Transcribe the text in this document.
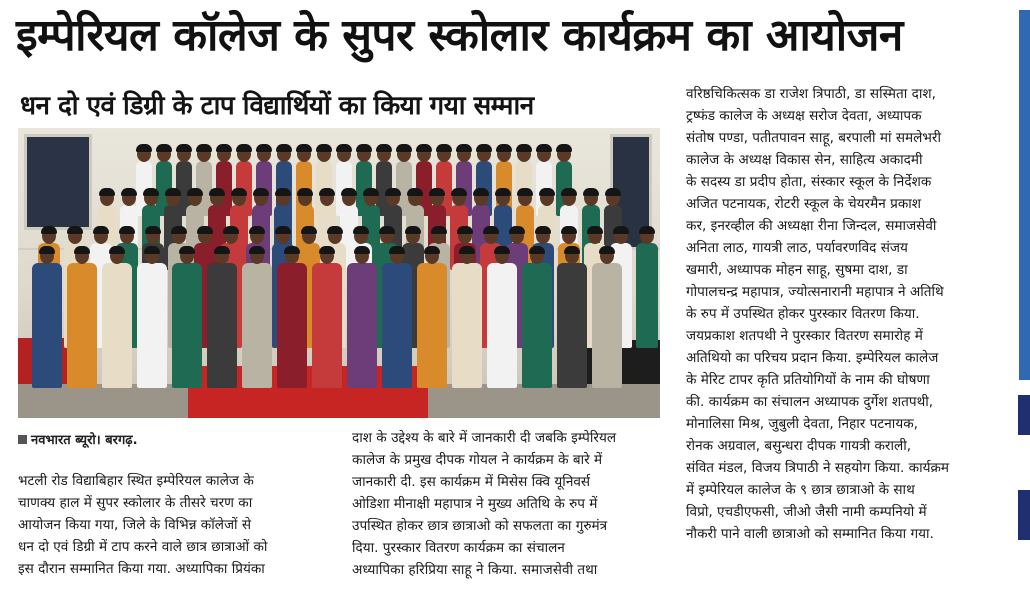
इम्पेरियल कॉलेज के सुपर स्कोलार कार्यक्रम का आयोजन
धन दो एवं डिग्री के टाप विद्यार्थियों का किया गया सम्मान
नवभारत ब्यूरो। बरगढ़.
भटली रोड विद्याबिहार स्थित इम्पेरियल कालेज के
चाणक्य हाल में सुपर स्कोलार के तीसरे चरण का
आयोजन किया गया, जिले के विभिन्न कॉलेजों से
धन दो एवं डिग्री में टाप करने वाले छात्र छात्राओं को
इस दौरान सम्मानित किया गया. अध्यापिका प्रियंका
दाश के उद्देश्य के बारे में जानकारी दी जबकि इम्पेरियल
कालेज के प्रमुख दीपक गोयल ने कार्यक्रम के बारे में
जानकारी दी. इस कार्यक्रम में मिसेस क्वि यूनिवर्स
ओडिशा मीनाक्षी महापात्र ने मुख्य अतिथि के रुप में
उपस्थित होकर छात्र छात्राओ को सफलता का गुरुमंत्र
दिया. पुरस्कार वितरण कार्यक्रम का संचालन
अध्यापिका हरिप्रिया साहू ने किया. समाजसेवी तथा
वरिष्ठचिकित्सक डा राजेश त्रिपाठी, डा सस्मिता दाश,
ट्रष्फंड कालेज के अध्यक्ष सरोज देवता, अध्यापक
संतोष पण्डा, पतीतपावन साहू, बरपाली मां समलेभरी
कालेज के अध्यक्ष विकास सेन, साहित्य अकादमी
के सदस्य डा प्रदीप होता, संस्कार स्कूल के निर्देशक
अजित पटनायक, रोटरी स्कूल के चेयरमैन प्रकाश
कर, इनरव्हील की अध्यक्षा रीना जिन्दल, समाजसेवी
अनिता लाठ, गायत्री लाठ, पर्यावरणविद संजय
खमारी, अध्यापक मोहन साहू, सुषमा दाश, डा
गोपालचन्द्र महापात्र, ज्योत्सनारानी महापात्र ने अतिथि
के रुप में उपस्थित होकर पुरस्कार वितरण किया.
जयप्रकाश शतपथी ने पुरस्कार वितरण समारोह में
अतिथियो का परिचय प्रदान किया. इम्पेरियल कालेज
के मेरिट टापर कृति प्रतियोगियों के नाम की घोषणा
की. कार्यक्रम का संचालन अध्यापक दुर्गेश शतपथी,
मोनालिसा मिश्र, जुबुली देवता, निहार पटनायक,
रोनक अग्रवाल, बसुन्धरा दीपक गायत्री कराली,
संवित मंडल, विजय त्रिपाठी ने सहयोग किया. कार्यक्रम
में इम्पेरियल कालेज के ९ छात्र छात्राओ के साथ
विप्रो, एचडीएफसी, जीओ जैसी नामी कम्पनियो में
नौकरी पाने वाली छात्राओ को सम्मानित किया गया.
